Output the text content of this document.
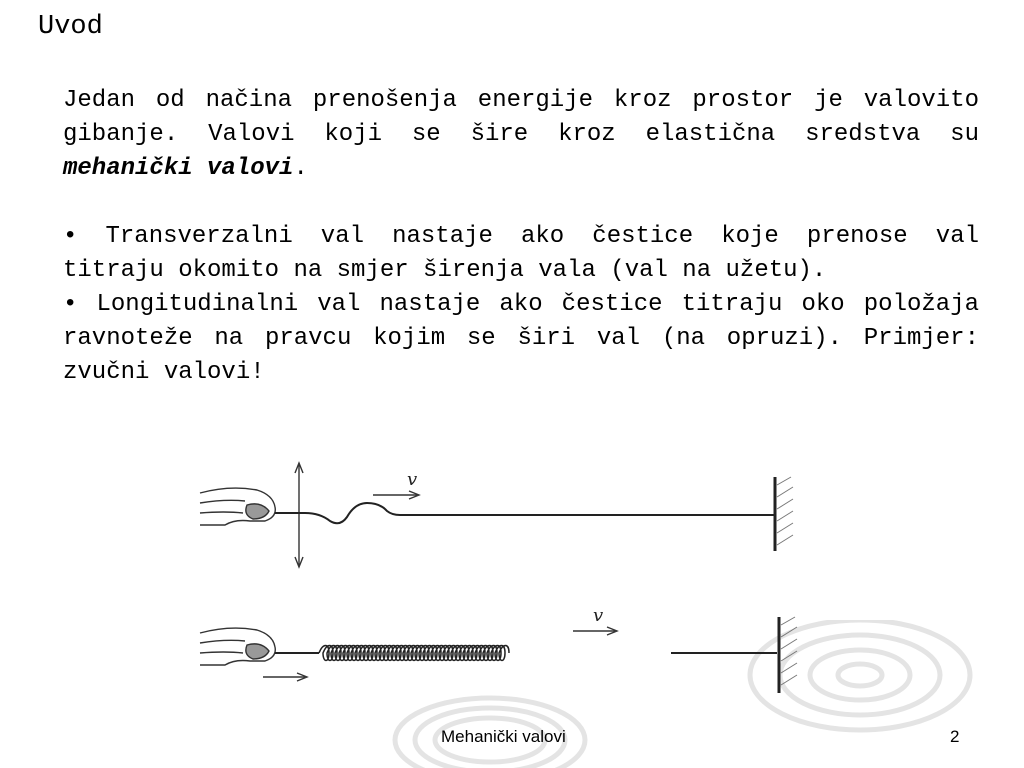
Uvod

Jedan od načina prenošenja energije kroz prostor je valovito gibanje. Valovi koji se šire kroz elastična sredstva su mehanički valovi.

• Transverzalni val nastaje ako čestice koje prenose val titraju okomito na smjer širenja vala (val na užetu).

• Longitudinalni val nastaje ako čestice titraju oko položaja ravnoteže na pravcu kojim se širi val (na opruzi). Primjer: zvučni valovi!

v
v
Mehanički valovi	2
